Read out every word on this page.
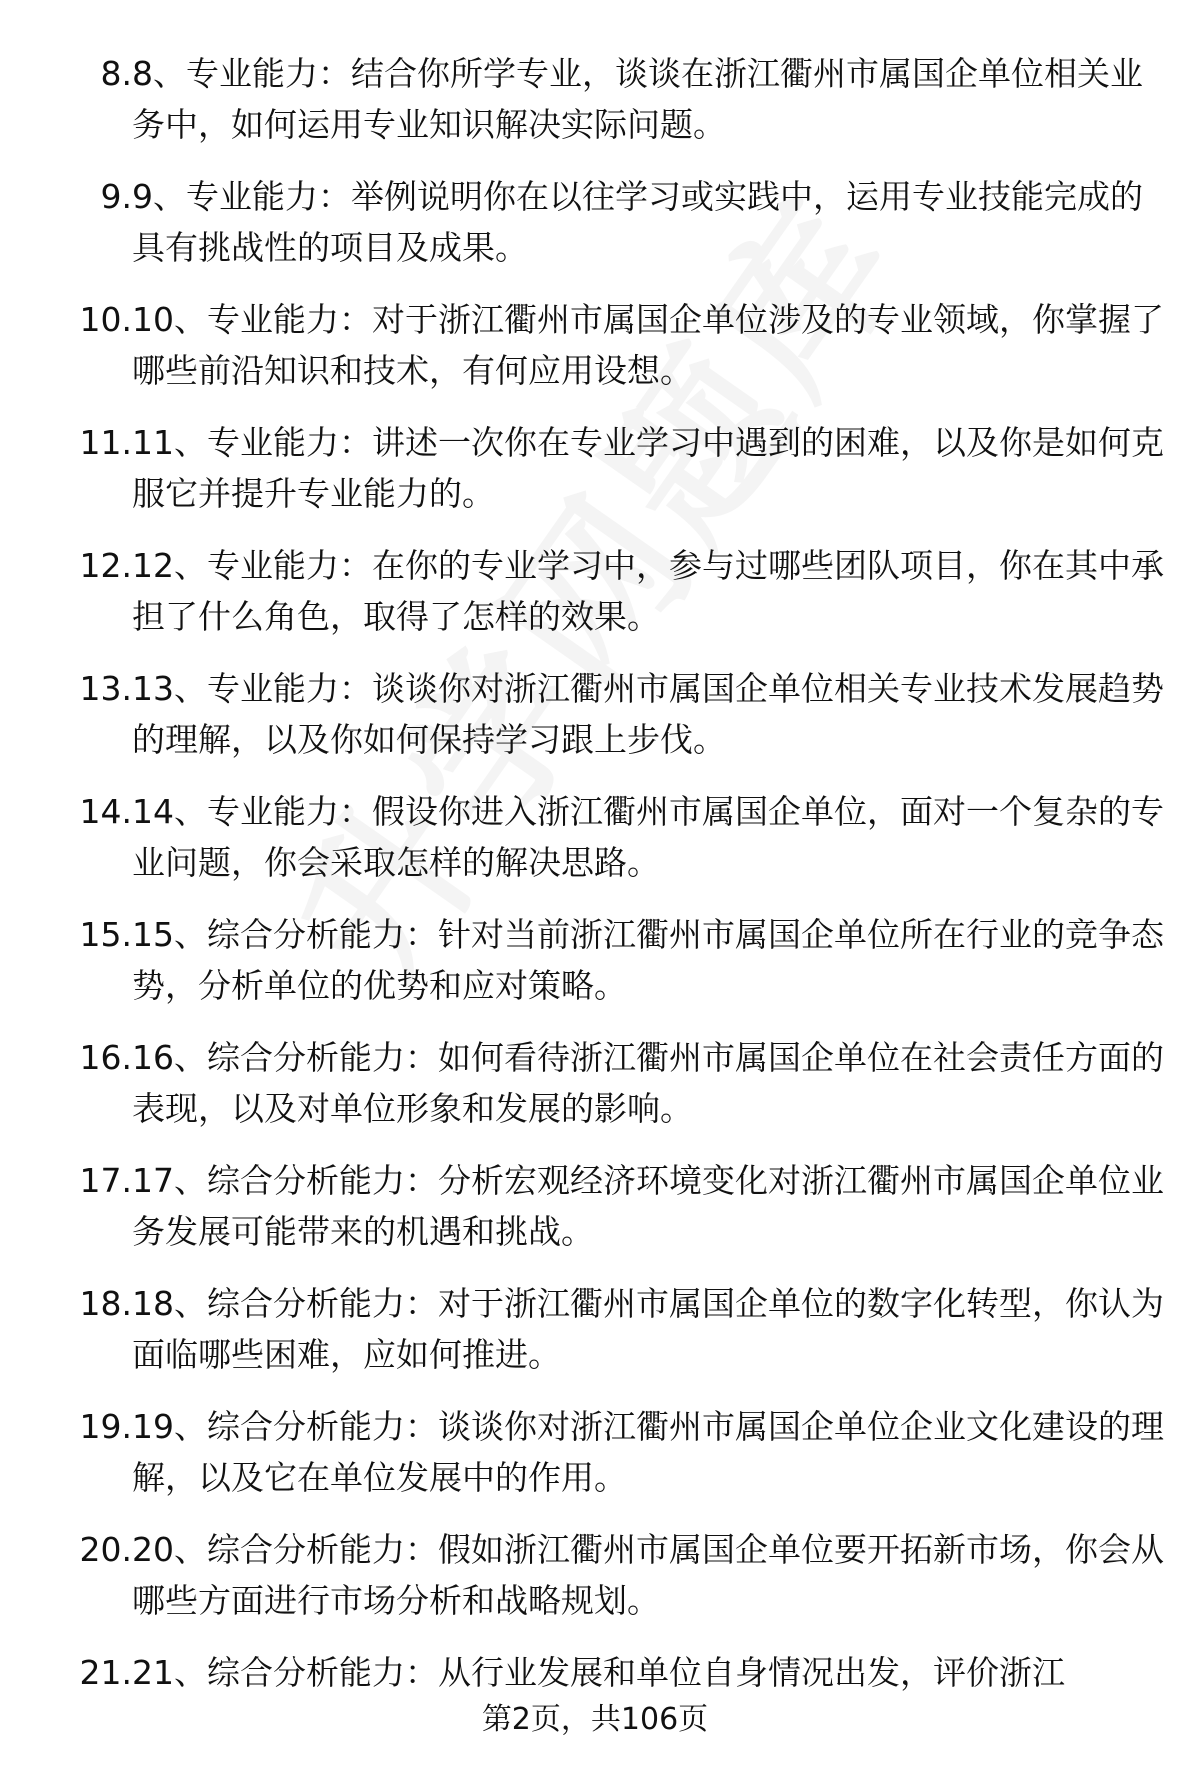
8. 8、专业能力：结合你所学专业，谈谈在浙江衢州市属国企单位相关业务中，如何运用专业知识解决实际问题。
9. 9、专业能力：举例说明你在以往学习或实践中，运用专业技能完成的具有挑战性的项目及成果。
10. 10、专业能力：对于浙江衢州市属国企单位涉及的专业领域，你掌握了哪些前沿知识和技术，有何应用设想。
11. 11、专业能力：讲述一次你在专业学习中遇到的困难，以及你是如何克服它并提升专业能力的。
12. 12、专业能力：在你的专业学习中，参与过哪些团队项目，你在其中承担了什么角色，取得了怎样的效果。
13. 13、专业能力：谈谈你对浙江衢州市属国企单位相关专业技术发展趋势的理解，以及你如何保持学习跟上步伐。
14. 14、专业能力：假设你进入浙江衢州市属国企单位，面对一个复杂的专业问题，你会采取怎样的解决思路。
15. 15、综合分析能力：针对当前浙江衢州市属国企单位所在行业的竞争态势，分析单位的优势和应对策略。
16. 16、综合分析能力：如何看待浙江衢州市属国企单位在社会责任方面的表现，以及对单位形象和发展的影响。
17. 17、综合分析能力：分析宏观经济环境变化对浙江衢州市属国企单位业务发展可能带来的机遇和挑战。
18. 18、综合分析能力：对于浙江衢州市属国企单位的数字化转型，你认为面临哪些困难，应如何推进。
19. 19、综合分析能力：谈谈你对浙江衢州市属国企单位企业文化建设的理解，以及它在单位发展中的作用。
20. 20、综合分析能力：假如浙江衢州市属国企单位要开拓新市场，你会从哪些方面进行市场分析和战略规划。
21. 21、综合分析能力：从行业发展和单位自身情况出发，评价浙江
第2页，共106页
